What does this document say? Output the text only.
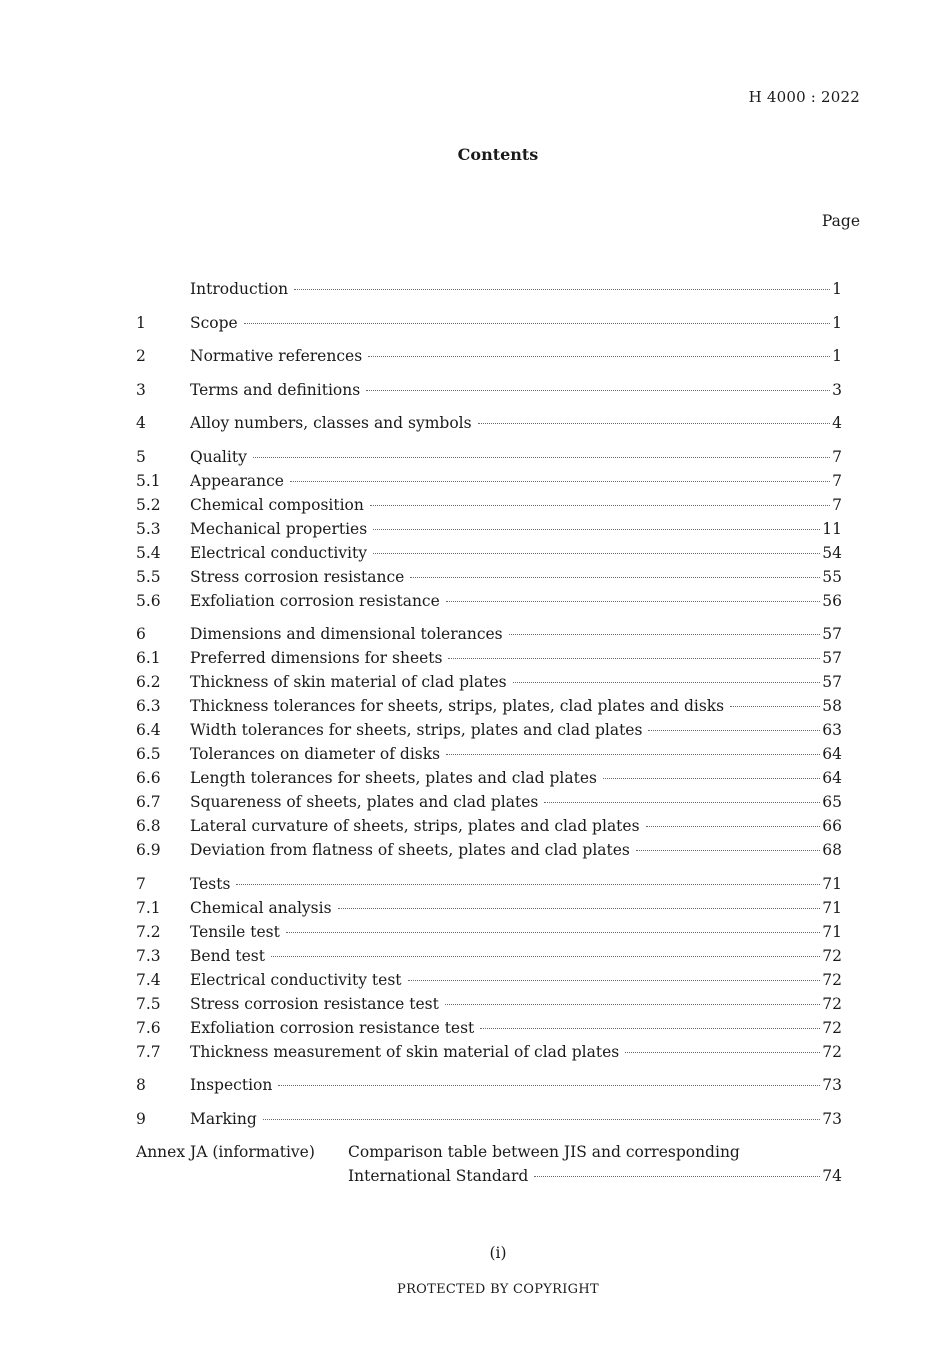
H 4000 : 2022
Contents
Page
Introduction	1
1	Scope	1
2	Normative references	1
3	Terms and definitions	3
4	Alloy numbers, classes and symbols	4
5	Quality	7
5.1	Appearance	7
5.2	Chemical composition	7
5.3	Mechanical properties	11
5.4	Electrical conductivity	54
5.5	Stress corrosion resistance	55
5.6	Exfoliation corrosion resistance	56
6	Dimensions and dimensional tolerances	57
6.1	Preferred dimensions for sheets	57
6.2	Thickness of skin material of clad plates	57
6.3	Thickness tolerances for sheets, strips, plates, clad plates and disks	58
6.4	Width tolerances for sheets, strips, plates and clad plates	63
6.5	Tolerances on diameter of disks	64
6.6	Length tolerances for sheets, plates and clad plates	64
6.7	Squareness of sheets, plates and clad plates	65
6.8	Lateral curvature of sheets, strips, plates and clad plates	66
6.9	Deviation from flatness of sheets, plates and clad plates	68
7	Tests	71
7.1	Chemical analysis	71
7.2	Tensile test	71
7.3	Bend test	72
7.4	Electrical conductivity test	72
7.5	Stress corrosion resistance test	72
7.6	Exfoliation corrosion resistance test	72
7.7	Thickness measurement of skin material of clad plates	72
8	Inspection	73
9	Marking	73
Annex JA (informative)	Comparison table between JIS and corresponding
International Standard	74
(i)
PROTECTED BY COPYRIGHT
